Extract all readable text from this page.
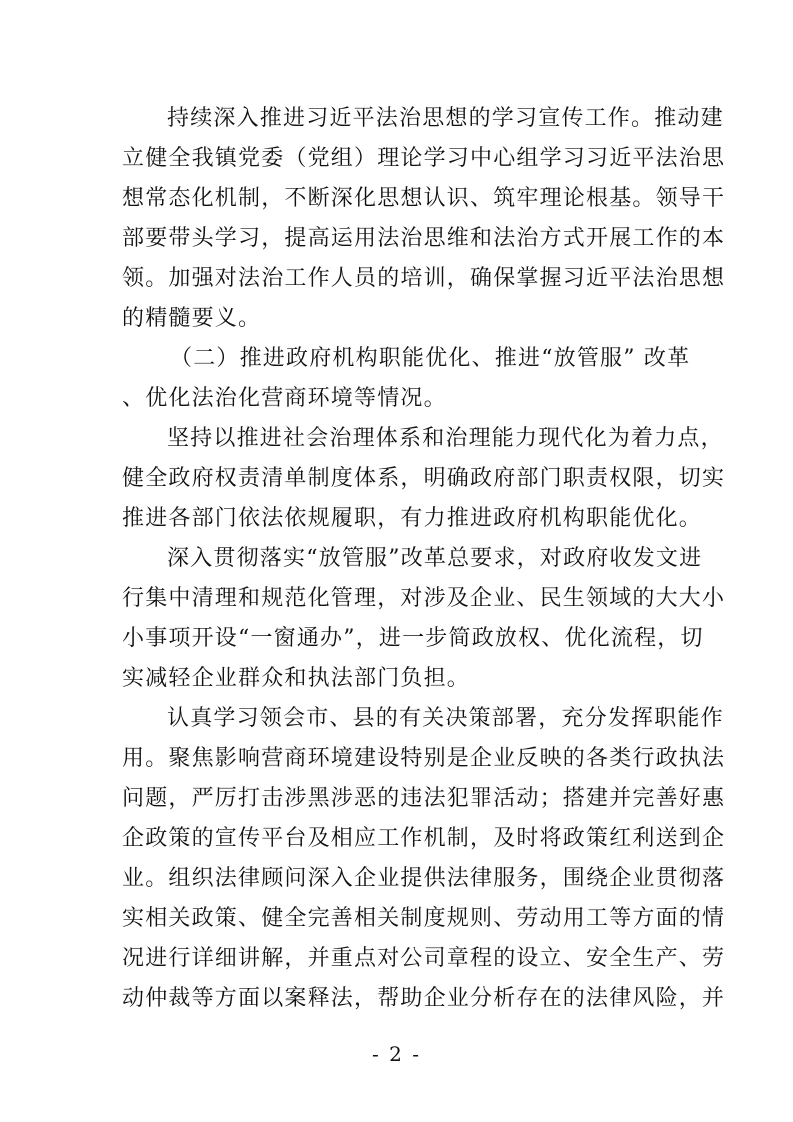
持续深入推进习近平法治思想的学习宣传工作。推动建
立健全我镇党委（党组）理论学习中心组学习习近平法治思
想常态化机制，不断深化思想认识、筑牢理论根基。领导干
部要带头学习，提高运用法治思维和法治方式开展工作的本
领。加强对法治工作人员的培训，确保掌握习近平法治思想
的精髓要义。
（二）推进政府机构职能优化、推进“放管服” 改革
、优化法治化营商环境等情况。
坚持以推进社会治理体系和治理能力现代化为着力点，
健全政府权责清单制度体系，明确政府部门职责权限，切实
推进各部门依法依规履职，有力推进政府机构职能优化。
深入贯彻落实“放管服”改革总要求，对政府收发文进
行集中清理和规范化管理，对涉及企业、民生领域的大大小
小事项开设“一窗通办”，进一步简政放权、优化流程，切
实减轻企业群众和执法部门负担。
认真学习领会市、县的有关决策部署，充分发挥职能作
用。聚焦影响营商环境建设特别是企业反映的各类行政执法
问题，严厉打击涉黑涉恶的违法犯罪活动；搭建并完善好惠
企政策的宣传平台及相应工作机制，及时将政策红利送到企
业。组织法律顾问深入企业提供法律服务，围绕企业贯彻落
实相关政策、健全完善相关制度规则、劳动用工等方面的情
况进行详细讲解，并重点对公司章程的设立、安全生产、劳
动仲裁等方面以案释法，帮助企业分析存在的法律风险，并
- 2 -
